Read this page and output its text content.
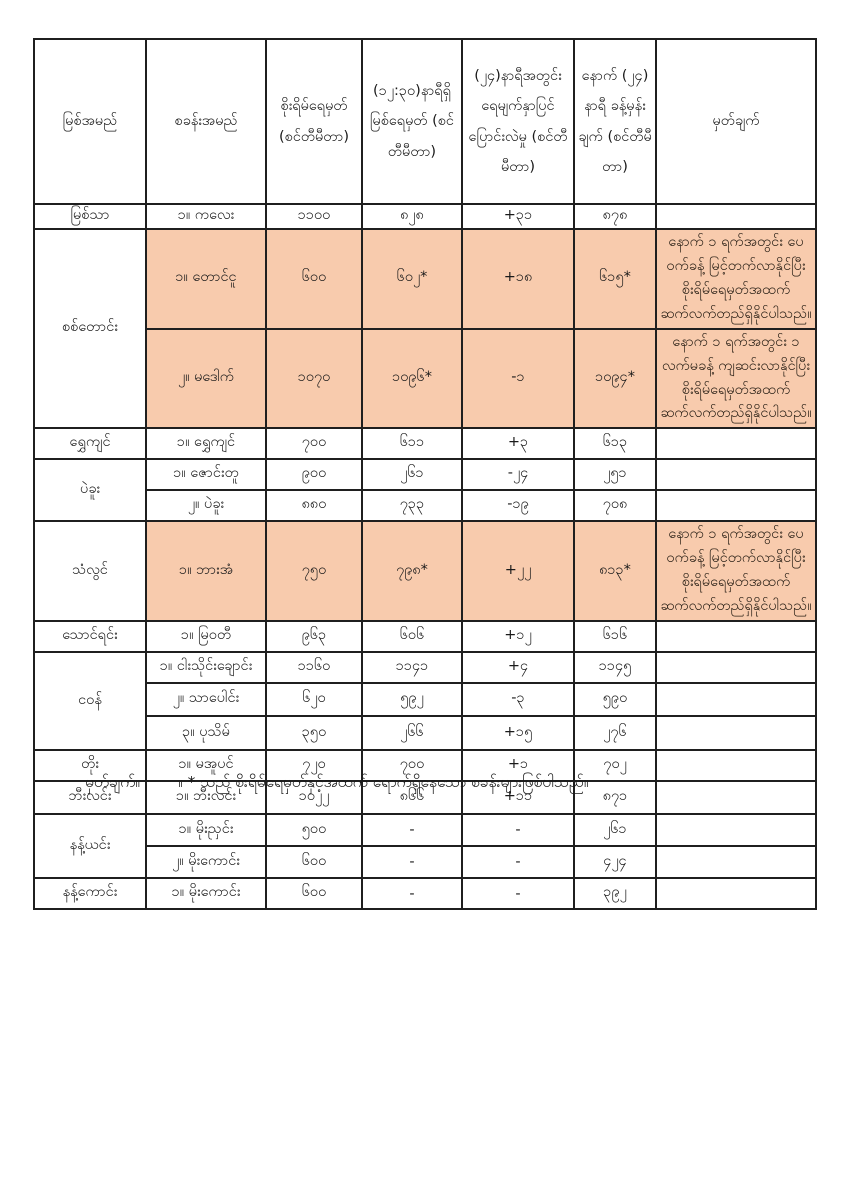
မြစ်အမည်	စခန်းအမည်	စိုးရိမ်ရေမှတ် (စင်တီမီတာ)	(၁၂:၃၀)နာရီရှိ မြစ်ရေမှတ် (စင်တီမီတာ)	(၂၄)နာရီအတွင်း ရေမျက်နှာပြင် ပြောင်းလဲမှု (စင်တီမီတာ)	နောက် (၂၄) နာရီ ခန့်မှန်းချက် (စင်တီမီ တာ)	မှတ်ချက်
မြစ်သာ	၁။ ကလေး	၁၁၀၀	၈၂၈	+၃၁	၈၇၈	
စစ်တောင်း	၁။ တောင်ငူ	၆၀၀	၆၀၂*	+၁၈	၆၁၅*	နောက် ၁ ရက်အတွင်း ပေဝက်ခန့် မြင့်တက်လာနိုင်ပြီး စိုးရိမ်ရေမှတ်အထက် ဆက်လက်တည်ရှိနိုင်ပါသည်။
	၂။ မဒေါက်	၁၀၇၀	၁၀၉၆*	-၁	၁၀၉၄*	နောက် ၁ ရက်အတွင်း ၁ လက်မခန့် ကျဆင်းလာနိုင်ပြီး စိုးရိမ်ရေမှတ်အထက် ဆက်လက်တည်ရှိနိုင်ပါသည်။
ရွှေကျင်	၁။ ရွှေကျင်	၇၀၀	၆၁၁	+၃	၆၁၃	
ပဲခူး	၁။ ဇောင်းတူ	၉၀၀	၂၆၁	-၂၄	၂၅၁	
	၂။ ပဲခူး	၈၈၀	၇၃၃	-၁၉	၇၀၈	
သံလွင်	၁။ ဘားအံ	၇၅၀	၇၉၈*	+၂၂	၈၁၃*	နောက် ၁ ရက်အတွင်း ပေဝက်ခန့် မြင့်တက်လာနိုင်ပြီး စိုးရိမ်ရေမှတ်အထက် ဆက်လက်တည်ရှိနိုင်ပါသည်။
သောင်ရင်း	၁။ မြဝတီ	၉၆၃	၆၀၆	+၁၂	၆၁၆	
ငဝန်	၁။ ငါးသိုင်းချောင်း	၁၁၆၀	၁၁၄၁	+၄	၁၁၄၅	
	၂။ သာပေါင်း	၆၂၀	၅၉၂	-၃	၅၉၀	
	၃။ ပုသိမ်	၃၅၀	၂၆၆	+၁၅	၂၇၆	
တိုး	၁။ မအူပင်	၇၂၀	၇၀၀	+၁	၇၀၂	
ဘီးလင်း	၁။ ဘီးလင်း	၁၀၂၂	၈၆၆	+၁၁	၈၇၁	
နန့်ယင်း	၁။ မိုးညှင်း	၅၀၀	-	-	၂၆၁	
	၂။ မိုးကောင်း	၆၀၀	-	-	၄၂၄	
နန့်ကောင်း	၁။ မိုးကောင်း	၆၀၀	-	-	၃၉၂	
မှတ်ချက်။ ။ * သည် စိုးရိမ်ရေမှတ်နှင့်အထက် ရောက်ရှိနေသော စခန်းများဖြစ်ပါသည်။
